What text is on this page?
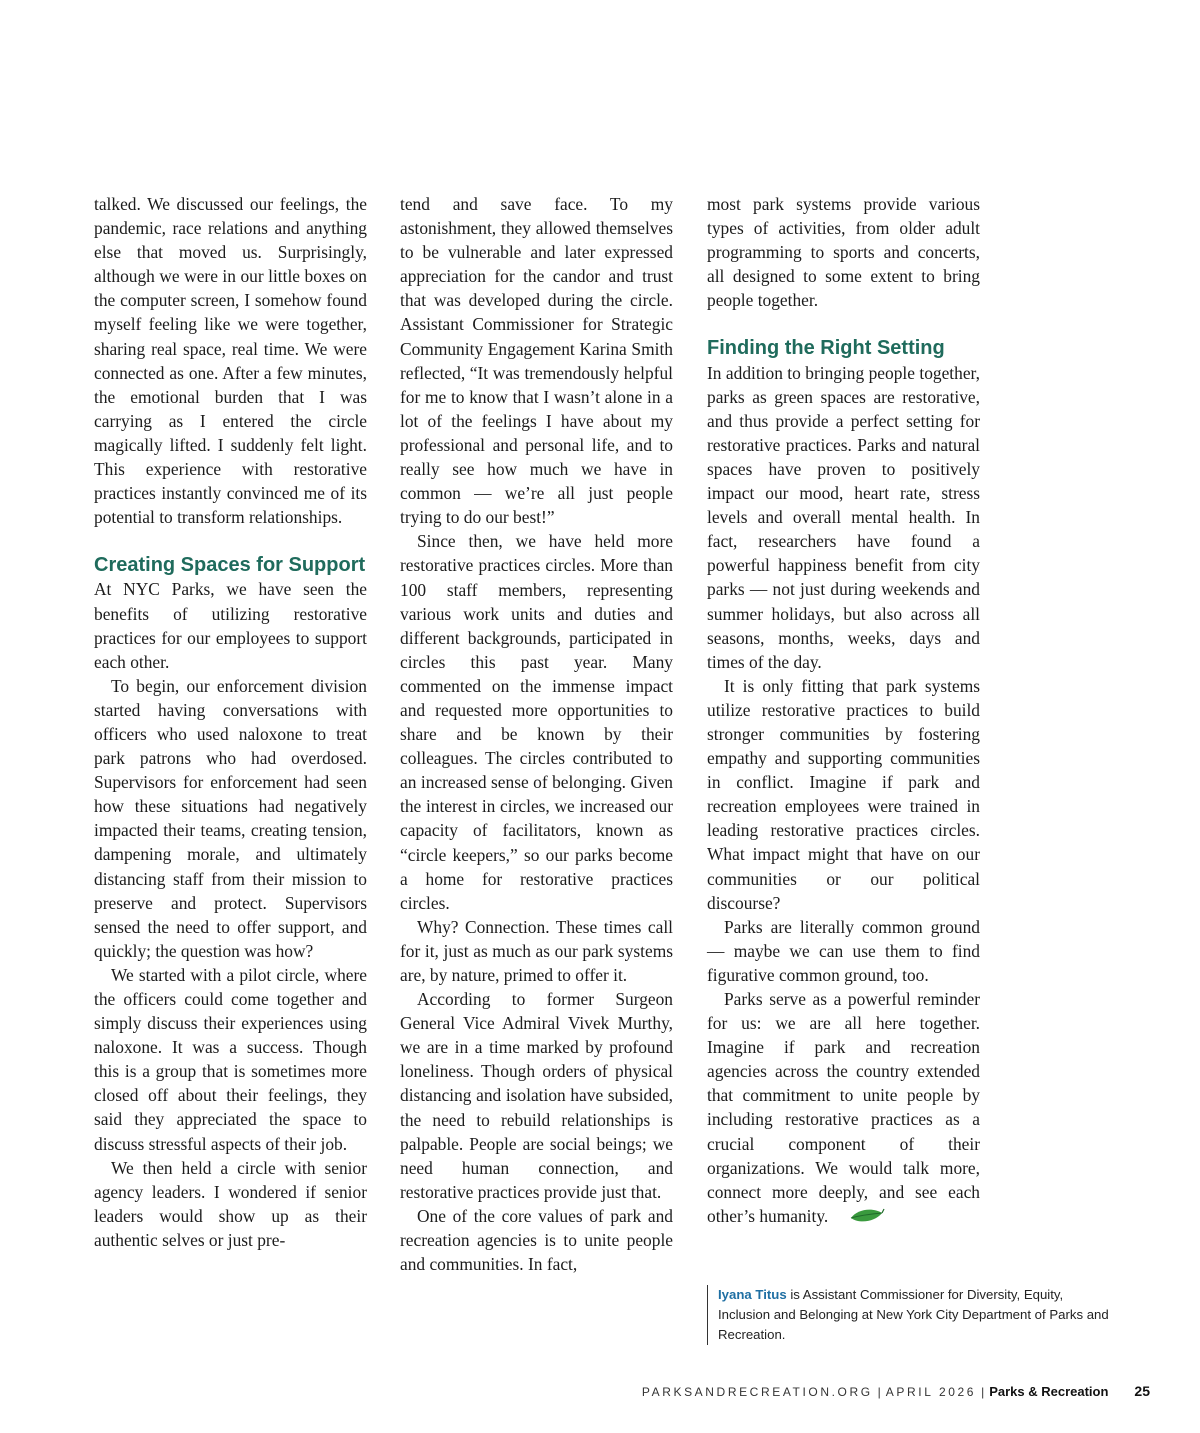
talked. We discussed our feelings, the pandemic, race relations and anything else that moved us. Surprisingly, although we were in our little boxes on the computer screen, I somehow found myself feeling like we were together, sharing real space, real time. We were connected as one. After a few minutes, the emotional burden that I was carrying as I entered the circle magically lifted. I suddenly felt light. This experience with restorative practices instantly convinced me of its potential to transform relationships.

Creating Spaces for Support

At NYC Parks, we have seen the benefits of utilizing restorative practices for our employees to support each other.

To begin, our enforcement division started having conversations with officers who used naloxone to treat park patrons who had overdosed. Supervisors for enforcement had seen how these situations had negatively impacted their teams, creating tension, dampening morale, and ultimately distancing staff from their mission to preserve and protect. Supervisors sensed the need to offer support, and quickly; the question was how?

We started with a pilot circle, where the officers could come together and simply discuss their experiences using naloxone. It was a success. Though this is a group that is sometimes more closed off about their feelings, they said they appreciated the space to discuss stressful aspects of their job.

We then held a circle with senior agency leaders. I wondered if senior leaders would show up as their authentic selves or just pre-

tend and save face. To my astonishment, they allowed themselves to be vulnerable and later expressed appreciation for the candor and trust that was developed during the circle. Assistant Commissioner for Strategic Community Engagement Karina Smith reflected, “It was tremendously helpful for me to know that I wasn’t alone in a lot of the feelings I have about my professional and personal life, and to really see how much we have in common — we’re all just people trying to do our best!”

Since then, we have held more restorative practices circles. More than 100 staff members, representing various work units and duties and different backgrounds, participated in circles this past year. Many commented on the immense impact and requested more opportunities to share and be known by their colleagues. The circles contributed to an increased sense of belonging. Given the interest in circles, we increased our capacity of facilitators, known as “circle keepers,” so our parks become a home for restorative practices circles.

Why? Connection. These times call for it, just as much as our park systems are, by nature, primed to offer it.

According to former Surgeon General Vice Admiral Vivek Murthy, we are in a time marked by profound loneliness. Though orders of physical distancing and isolation have subsided, the need to rebuild relationships is palpable. People are social beings; we need human connection, and restorative practices provide just that.

One of the core values of park and recreation agencies is to unite people and communities. In fact,

most park systems provide various types of activities, from older adult programming to sports and concerts, all designed to some extent to bring people together.

Finding the Right Setting

In addition to bringing people together, parks as green spaces are restorative, and thus provide a perfect setting for restorative practices. Parks and natural spaces have proven to positively impact our mood, heart rate, stress levels and overall mental health. In fact, researchers have found a powerful happiness benefit from city parks — not just during weekends and summer holidays, but also across all seasons, months, weeks, days and times of the day.

It is only fitting that park systems utilize restorative practices to build stronger communities by fostering empathy and supporting communities in conflict. Imagine if park and recreation employees were trained in leading restorative practices circles. What impact might that have on our communities or our political discourse?

Parks are literally common ground — maybe we can use them to find figurative common ground, too.

Parks serve as a powerful reminder for us: we are all here together. Imagine if park and recreation agencies across the country extended that commitment to unite people by including restorative practices as a crucial component of their organizations. We would talk more, connect more deeply, and see each other’s humanity.

Iyana Titus is Assistant Commissioner for Diversity, Equity, Inclusion and Belonging at New York City Department of Parks and Recreation.
PARKSANDRECREATION.ORG | APRIL 2026 | Parks & Recreation 25
